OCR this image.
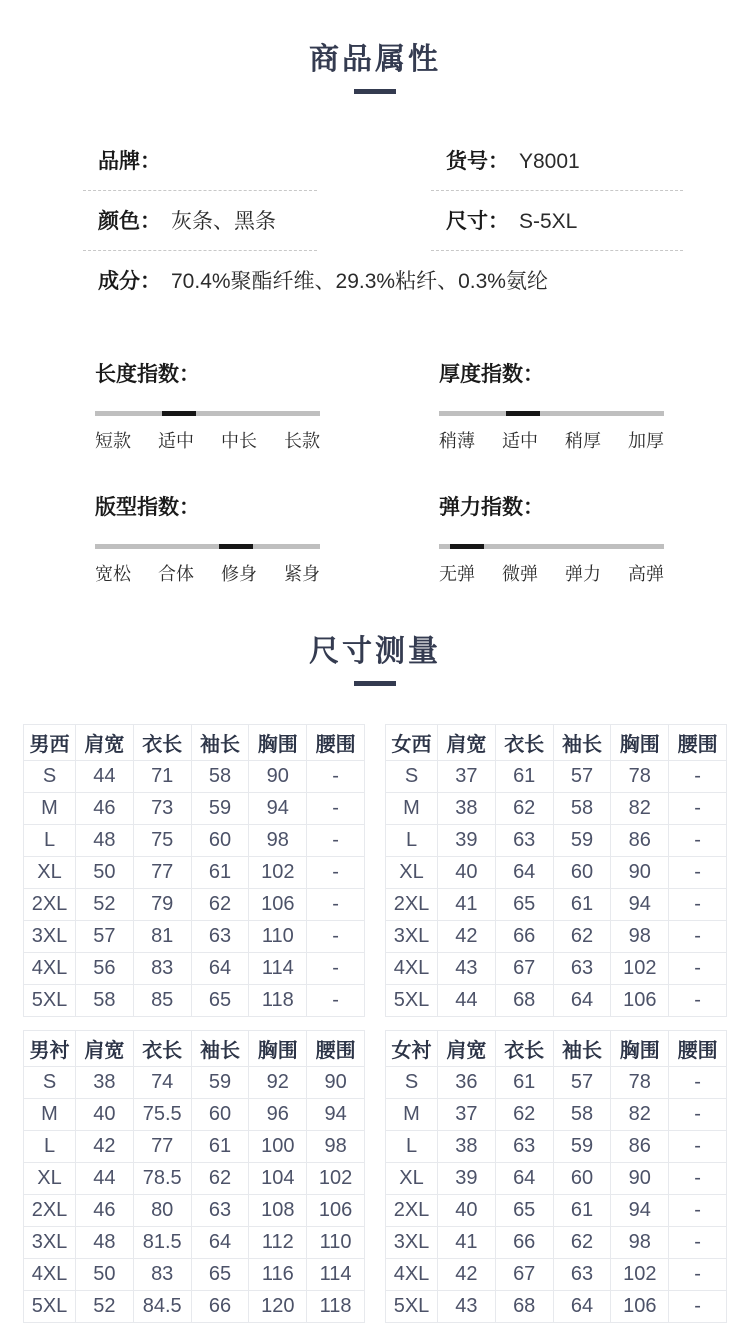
商品属性
品牌：	货号： Y8001
颜色： 灰条、黑条	尺寸： S-5XL
成分： 70.4%聚酯纤维、29.3%粘纤、0.3%氨纶
长度指数：
短款 适中 中长 长款
厚度指数：
稍薄 适中 稍厚 加厚
版型指数：
宽松 合体 修身 紧身
弹力指数：
无弹 微弹 弹力 高弹
尺寸测量
男西	肩宽	衣长	袖长	胸围	腰围
S	44	71	58	90	-
M	46	73	59	94	-
L	48	75	60	98	-
XL	50	77	61	102	-
2XL	52	79	62	106	-
3XL	57	81	63	110	-
4XL	56	83	64	114	-
5XL	58	85	65	118	-
女西	肩宽	衣长	袖长	胸围	腰围
S	37	61	57	78	-
M	38	62	58	82	-
L	39	63	59	86	-
XL	40	64	60	90	-
2XL	41	65	61	94	-
3XL	42	66	62	98	-
4XL	43	67	63	102	-
5XL	44	68	64	106	-
男衬	肩宽	衣长	袖长	胸围	腰围
S	38	74	59	92	90
M	40	75.5	60	96	94
L	42	77	61	100	98
XL	44	78.5	62	104	102
2XL	46	80	63	108	106
3XL	48	81.5	64	112	110
4XL	50	83	65	116	114
5XL	52	84.5	66	120	118
女衬	肩宽	衣长	袖长	胸围	腰围
S	36	61	57	78	-
M	37	62	58	82	-
L	38	63	59	86	-
XL	39	64	60	90	-
2XL	40	65	61	94	-
3XL	41	66	62	98	-
4XL	42	67	63	102	-
5XL	43	68	64	106	-
